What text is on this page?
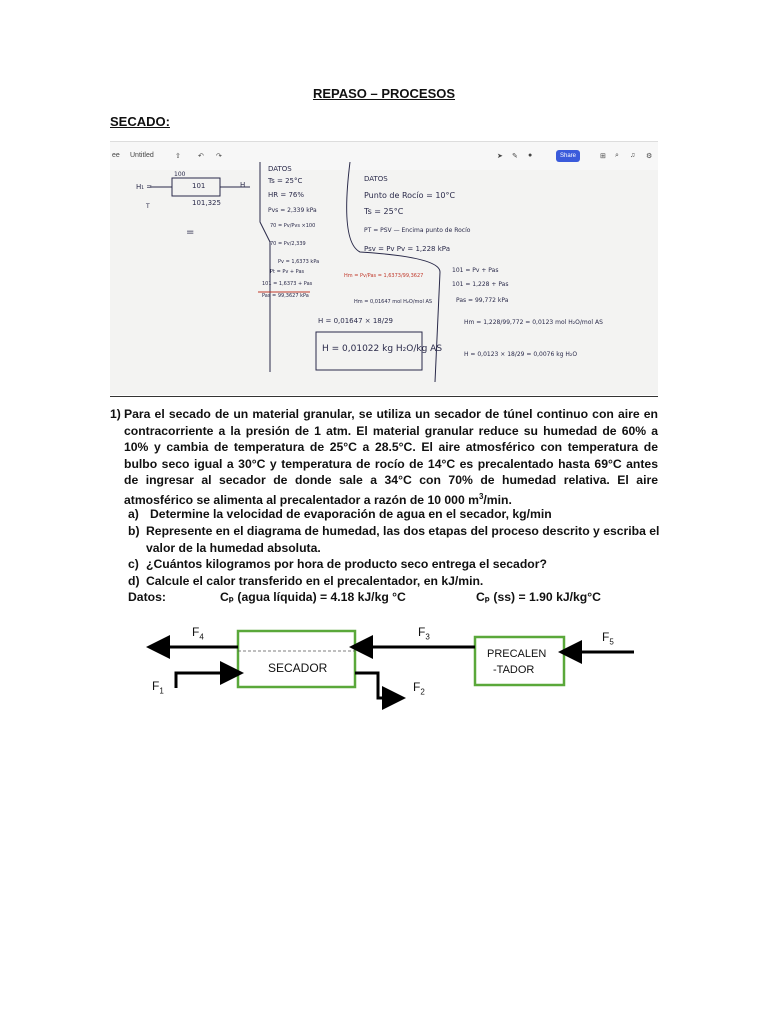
REPASO – PROCESOS
SECADO:
ee Untitled	⇧ ↶ ↷	➤ ✎ ●	Share	⊞ ⌕ ♫ ⚙
100
101
101,325
H₁ =	H
T
=
DATOS
Ts = 25°C
HR = 76%
Pvs = 2,339 kPa
70 = Pv/Pvs ×100
70 = Pv/2,339
Pv = 1,6373 kPa
Pt = Pv + Pas
101 = 1,6373 + Pas
Pas = 99,3627 kPa
Hm = Pv/Pas = 1,6373/99,3627
Hm = 0,01647 mol H₂O/mol AS
H = 0,01647 × 18/29
H = 0,01022 kg H₂O/kg AS
DATOS
Punto de Rocío = 10°C
Ts = 25°C
PT = PSV — Encima punto de Rocío
Psv = Pv Pv = 1,228 kPa
101 = Pv + Pas
101 = 1,228 + Pas
Pas = 99,772 kPa
Hm = 1,228/99,772 = 0,0123 mol H₂O/mol AS
H = 0,0123 × 18/29 = 0,0076 kg H₂O
1) Para el secado de un material granular, se utiliza un secador de túnel continuo con aire en contracorriente a la presión de 1 atm. El material granular reduce su humedad de 60% a 10% y cambia de temperatura de 25°C a 28.5°C. El aire atmosférico con temperatura de bulbo seco igual a 30°C y temperatura de rocío de 14°C es precalentado hasta 69°C antes de ingresar al secador de donde sale a 34°C con 70% de humedad relativa. El aire atmosférico se alimenta al precalentador a razón de 10 000 $m^3/\min$.
a) Determine la velocidad de evaporación de agua en el secador, kg/min
b) Represente en el diagrama de humedad, las dos etapas del proceso descrito y escriba el
valor de la humedad absoluta.
c) ¿Cuántos kilogramos por hora de producto seco entrega el secador?
d) Calcule el calor transferido en el precalentador, en kJ/min.
Datos:	Cₚ (agua líquida) = 4.18 kJ/kg °C	Cₚ (ss) = 1.90 kJ/kg°C
SECADOR
PRECALEN
-TADOR
$F_4$	$F_3$	$F_5$
$F_1$	$F_2$
